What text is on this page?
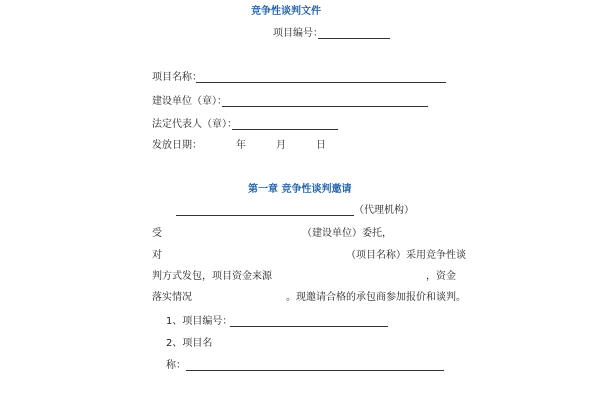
竞争性谈判文件
项目编号：
项目名称：
建设单位（章）：
法定代表人（章）：
发放日期：	年	月	日
第一章 竞争性谈判邀请
（代理机构）
受	（建设单位）委托，
对	（项目名称）采用竞争性谈
判方式发包，项目资金来源	，资金
落实情况	。现邀请合格的承包商参加报价和谈判。
1、项目编号：
2、项目名
称：
